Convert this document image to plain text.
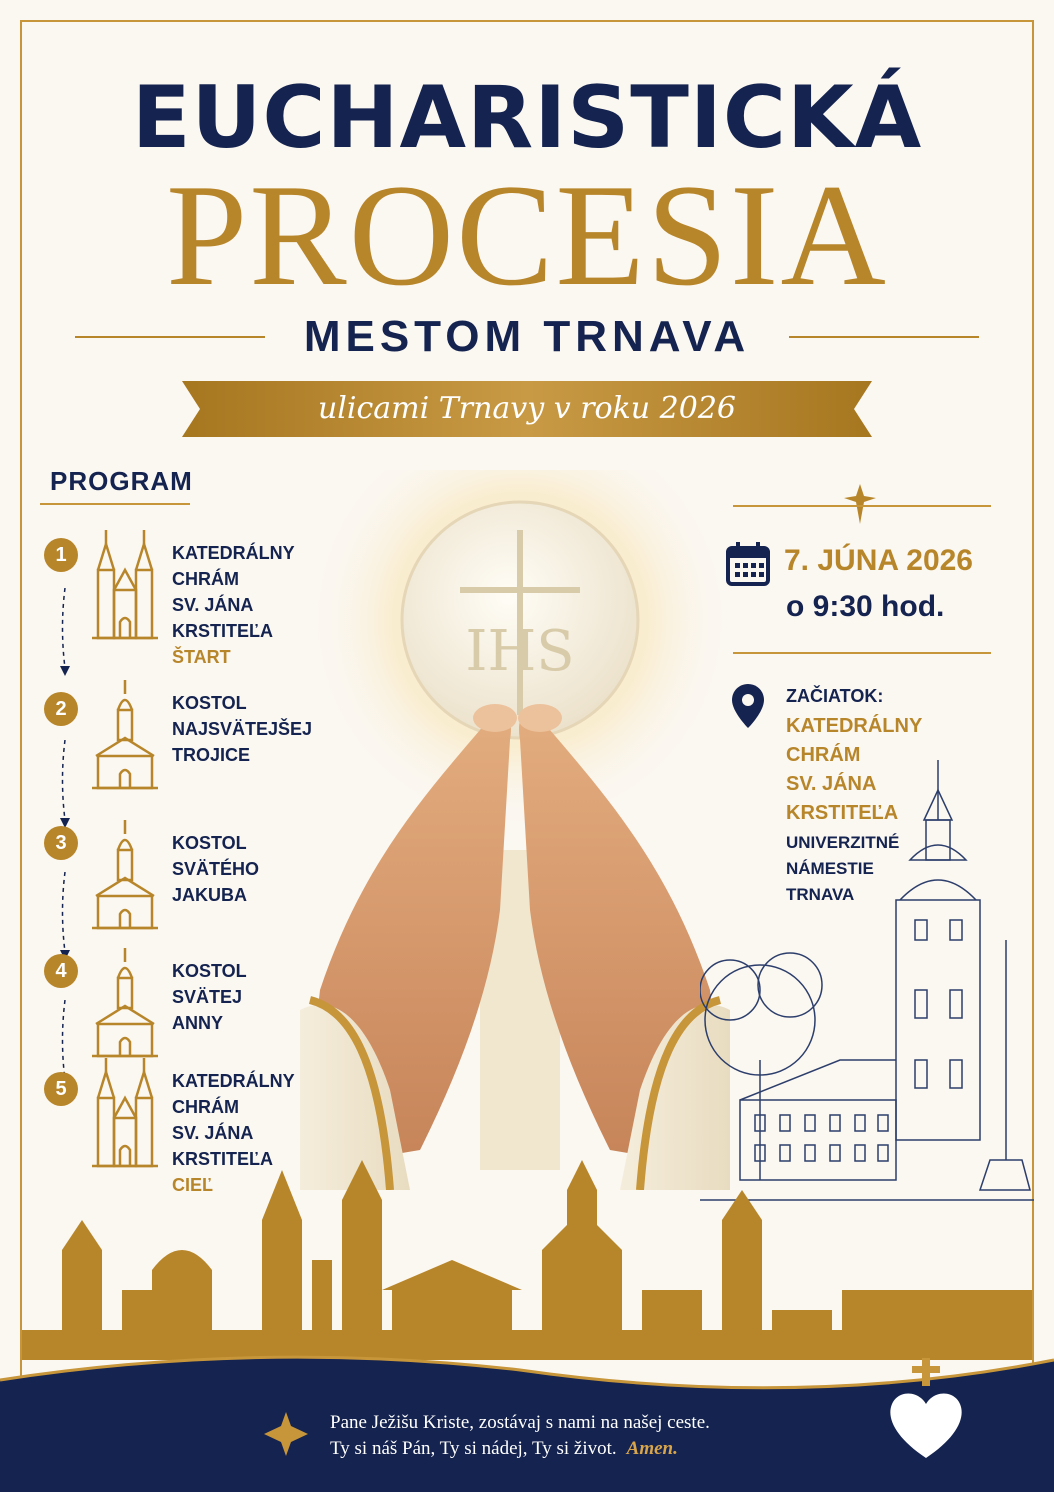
EUCHARISTICKÁ
PROCESIA
MESTOM TRNAVA
ulicami Trnavy v roku 2026
PROGRAM
1	KATEDRÁLNY
CHRÁM
SV. JÁNA
KRSTITEĽA
ŠTART
2	KOSTOL
NAJSVÄTEJŠEJ
TROJICE
3	KOSTOL
SVÄTÉHO
JAKUBA
4	KOSTOL
SVÄTEJ
ANNY
5	KATEDRÁLNY
CHRÁM
SV. JÁNA
KRSTITEĽA
CIEĽ
IHS
7. JÚNA 2026
o 9:30 hod.
ZAČIATOK:
KATEDRÁLNY
CHRÁM
SV. JÁNA
KRSTITEĽA
UNIVERZITNÉ
NÁMESTIE
TRNAVA
Pane Ježišu Kriste, zostávaj s nami na našej ceste.
Ty si náš Pán, Ty si nádej, Ty si život. Amen.
